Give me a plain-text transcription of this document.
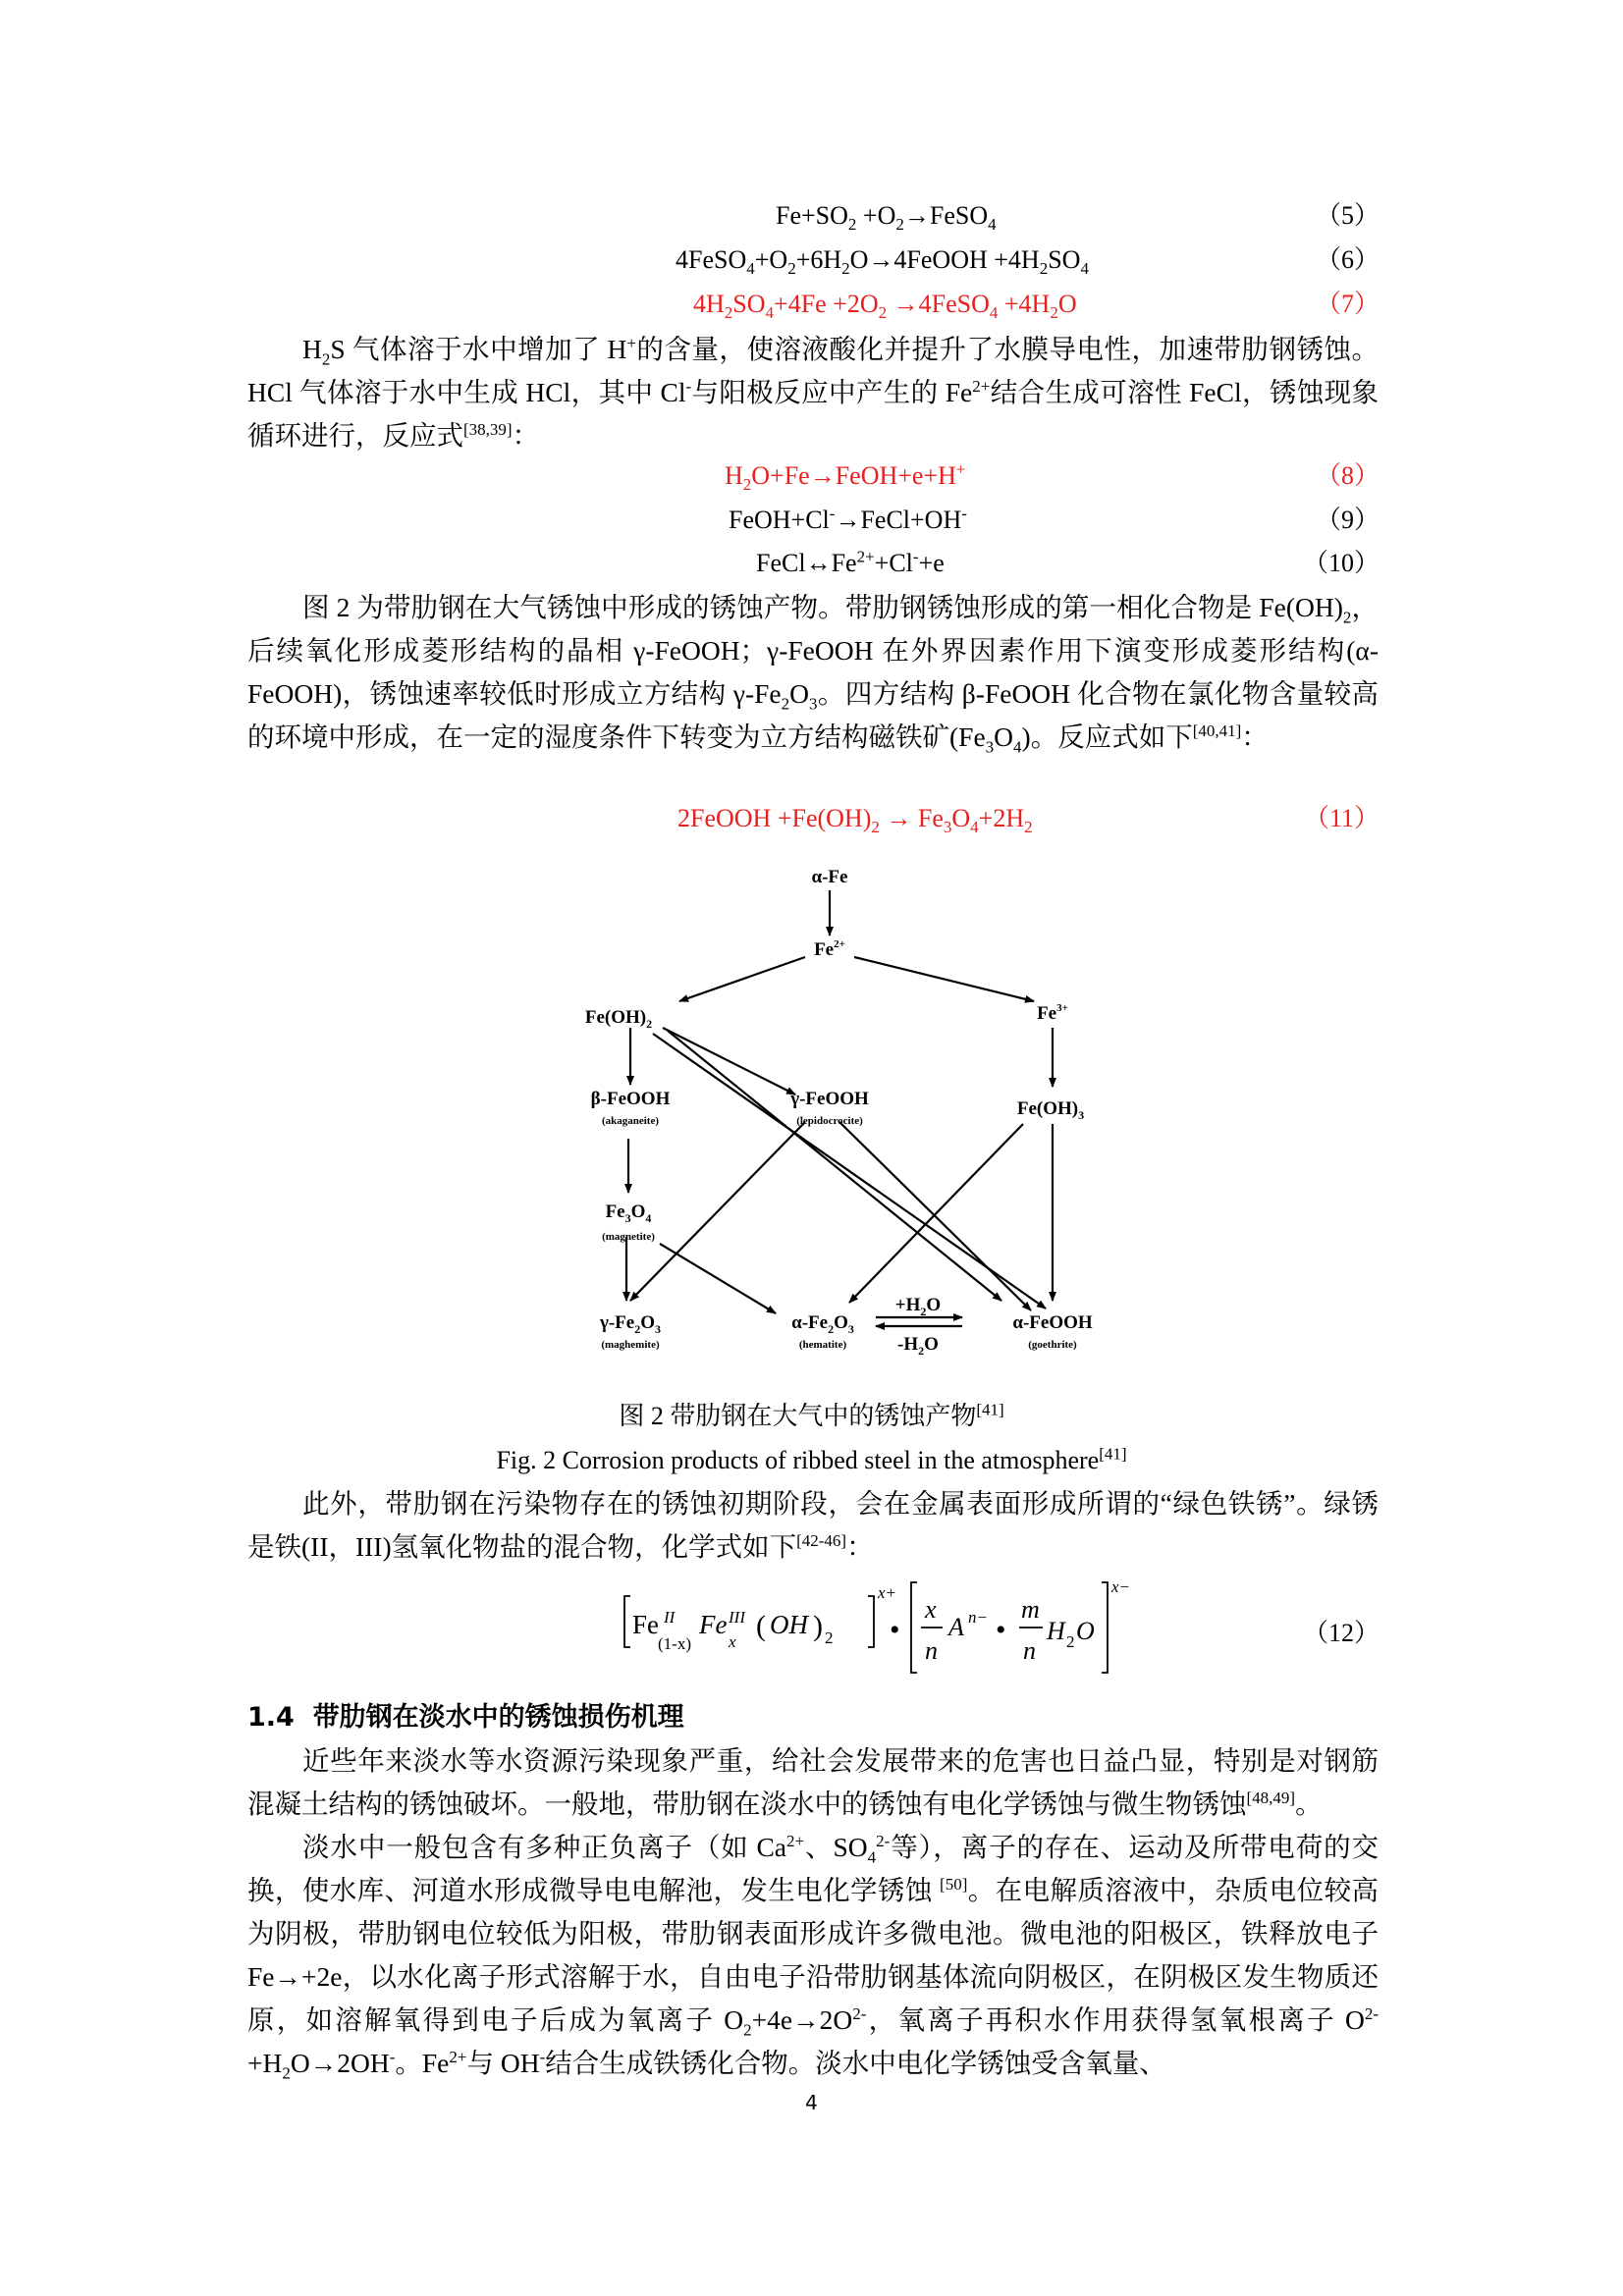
$Fe+SO_2$ $+O_2\to FeSO_4$	（5）
$4FeSO_4+O_2+6H_2O\to 4FeOOH +4H_2SO_4$	（6）
$4H_2SO_4+4Fe +2O_2$ →4FeSO$_4$ $+4H_2O$	（7）

$H_2S$ 气体溶于水中增加了 H+的含量，使溶液酸化并提升了水膜导电性，加速带肋钢锈蚀。HCl 气体溶于水中生成 HCl，其中 Cl-与阳极反应中产生的 $Fe^{2+}$结合生成可溶性 FeCl，锈蚀现象循环进行，反应式[38,39]：

$H_2O+Fe\to FeOH+e+H^+$	（8）
FeOH+Cl-→FeCl+OH-	（9）
$FeCl\leftrightarrow Fe^{2+}+Cl^-+e$	（10）

图 2 为带肋钢在大气锈蚀中形成的锈蚀产物。带肋钢锈蚀形成的第一相化合物是 $Fe(OH)_2$，后续氧化形成菱形结构的晶相 γ-FeOOH；γ-FeOOH 在外界因素作用下演变形成菱形结构(α-FeOOH)，锈蚀速率较低时形成立方结构 $\gamma-Fe_2O_3$。四方结构 β-FeOOH 化合物在氯化物含量较高的环境中形成，在一定的湿度条件下转变为立方结构磁铁矿$(Fe_3O_4)$。反应式如下[40,41]：

2FeOOH $+Fe(OH)_2 \to Fe_3O_4+2H_2$	（11）
α-Fe
$Fe^{2+}$
$Fe(OH)_2$	$Fe^{3+}$
β-FeOOH
(akaganeite)
γ-FeOOH
(lepidocrocite)
$Fe(OH)_3$
$Fe_3O_4$
(magnetite)
$\gamma-Fe_2O_3$
(maghemite)
$\alpha-Fe_2O_3$
(hematite)
$+H_2O$
$-H_2O$
α-FeOOH
(goethrite)
图 2 带肋钢在大气中的锈蚀产物[41]
Fig. 2 Corrosion products of ribbed steel in the atmosphere[41]

此外，带肋钢在污染物存在的锈蚀初期阶段，会在金属表面形成所谓的“绿色铁锈”。绿锈是铁(II，III)氢氧化物盐的混合物，化学式如下[42-46]：

Fe II
(1-x)
Fe III
x ( OH ) 2
x+
•
x
n
A n− •
m
n
H 2 O
x−
（12）
1.4 带肋钢在淡水中的锈蚀损伤机理

近些年来淡水等水资源污染现象严重，给社会发展带来的危害也日益凸显，特别是对钢筋混凝土结构的锈蚀破坏。一般地，带肋钢在淡水中的锈蚀有电化学锈蚀与微生物锈蚀[48,49]。

淡水中一般包含有多种正负离子（如 $Ca^{2+}$、$SO_4^{2-}$等），离子的存在、运动及所带电荷的交换，使水库、河道水形成微导电电解池，发生电化学锈蚀 [50]。在电解质溶液中，杂质电位较高为阴极，带肋钢电位较低为阳极，带肋钢表面形成许多微电池。微电池的阳极区，铁释放电子 Fe→+2e，以水化离子形式溶解于水，自由电子沿带肋钢基体流向阴极区，在阴极区发生物质还原，如溶解氧得到电子后成为氧离子 $O_2+4e\to 2O^{2-}$，氧离子再积水作用获得氢氧根离子 $O^{2-}+H_2O\to 2OH^-$。$Fe^{2+}$与 OH-结合生成铁锈化合物。淡水中电化学锈蚀受含氧量、

4
